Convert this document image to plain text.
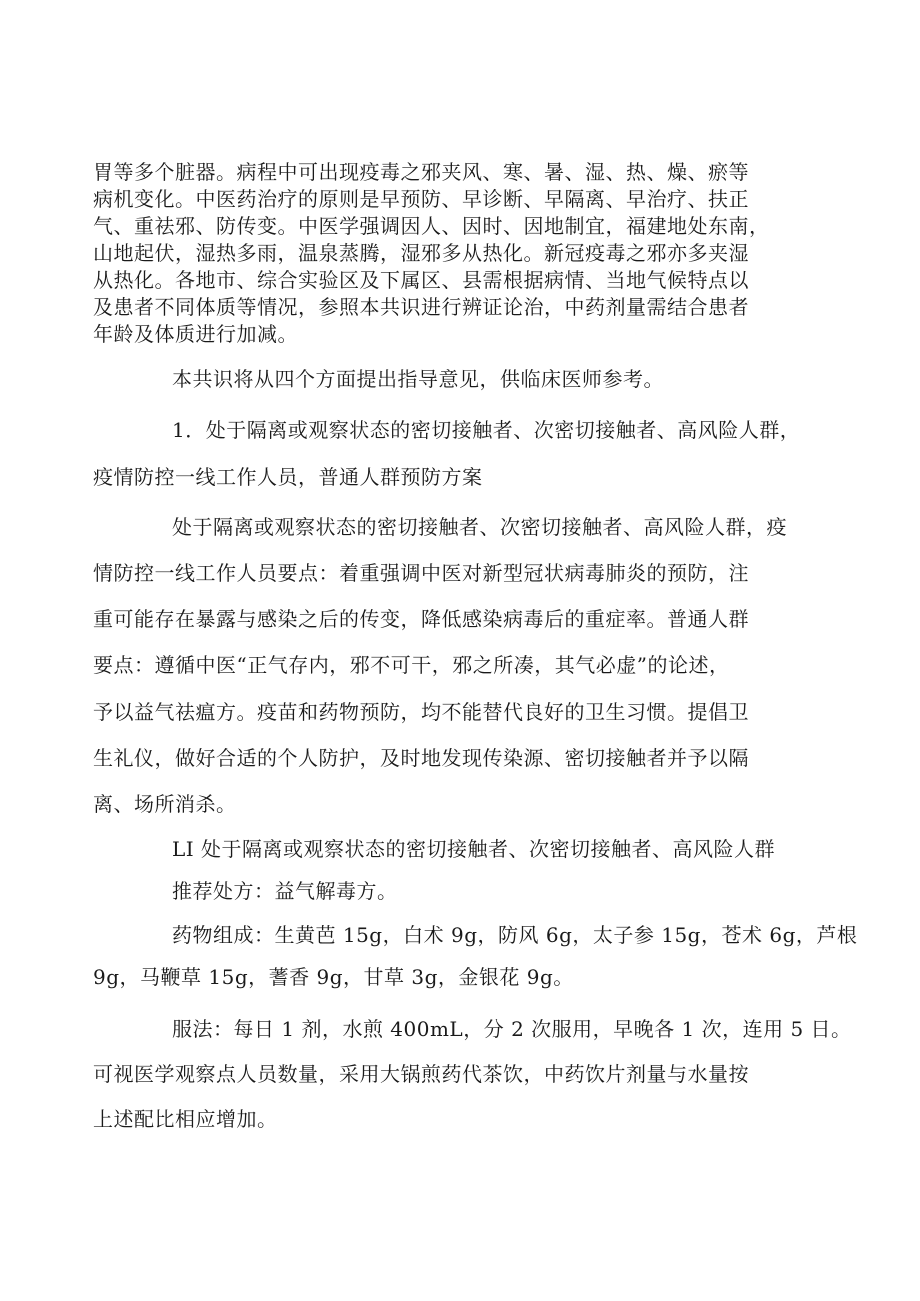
胃等多个脏器。病程中可出现疫毒之邪夹风、寒、暑、湿、热、燥、瘀等
病机变化。中医药治疗的原则是早预防、早诊断、早隔离、早治疗、扶正
气、重祛邪、防传变。中医学强调因人、因时、因地制宜，福建地处东南，
山地起伏，湿热多雨，温泉蒸腾，湿邪多从热化。新冠疫毒之邪亦多夹湿
从热化。各地市、综合实验区及下属区、县需根据病情、当地气候特点以
及患者不同体质等情况，参照本共识进行辨证论治，中药剂量需结合患者
年龄及体质进行加减。
本共识将从四个方面提出指导意见，供临床医师参考。
1．处于隔离或观察状态的密切接触者、次密切接触者、高风险人群，
疫情防控一线工作人员，普通人群预防方案
处于隔离或观察状态的密切接触者、次密切接触者、高风险人群，疫
情防控一线工作人员要点：着重强调中医对新型冠状病毒肺炎的预防，注
重可能存在暴露与感染之后的传变，降低感染病毒后的重症率。普通人群
要点：遵循中医“正气存内，邪不可干，邪之所凑，其气必虚”的论述，
予以益气祛瘟方。疫苗和药物预防，均不能替代良好的卫生习惯。提倡卫
生礼仪，做好合适的个人防护，及时地发现传染源、密切接触者并予以隔
离、场所消杀。
LI 处于隔离或观察状态的密切接触者、次密切接触者、高风险人群
推荐处方：益气解毒方。
药物组成：生黄芭 15g，白术 9g，防风 6g，太子参 15g，苍术 6g，芦根
9g，马鞭草 15g，蓍香 9g，甘草 3g，金银花 9g。
服法：每日 1 剂，水煎 400mL，分 2 次服用，早晚各 1 次，连用 5 日。
可视医学观察点人员数量，采用大锅煎药代茶饮，中药饮片剂量与水量按
上述配比相应增加。
